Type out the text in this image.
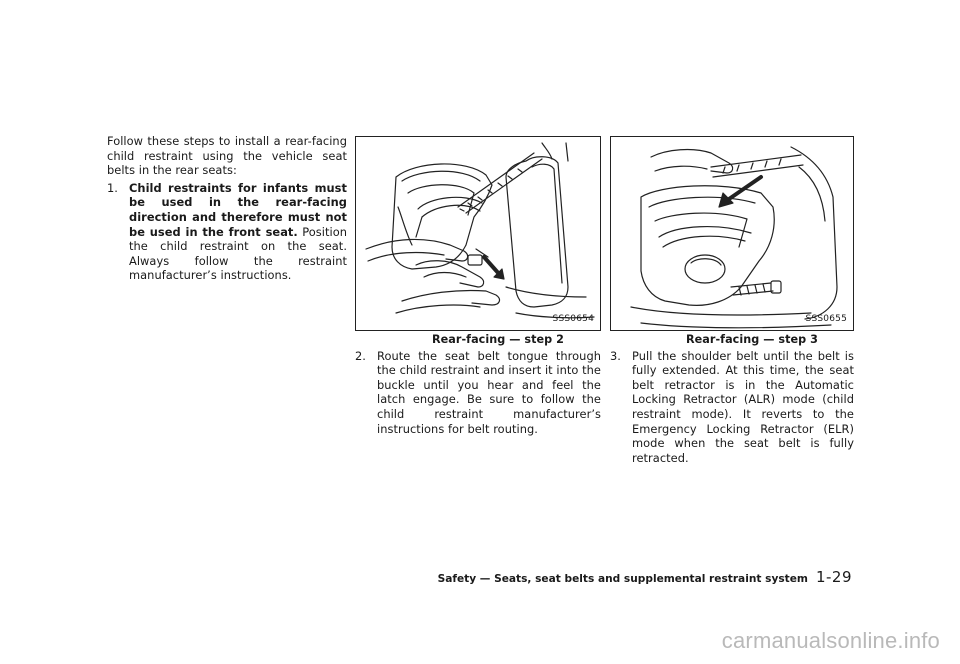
Follow these steps to install a rear-facing child restraint using the vehicle seat belts in the rear seats:

1. Child restraints for infants must be used in the rear-facing direction and therefore must not be used in the front seat. Position the child restraint on the seat. Always follow the restraint manufacturer’s instructions.
SSS0654
Rear-facing — step 2
2. Route the seat belt tongue through the child restraint and insert it into the buckle until you hear and feel the latch engage. Be sure to follow the child restraint manufacturer’s instructions for belt routing.
SSS0655
Rear-facing — step 3
3. Pull the shoulder belt until the belt is fully extended. At this time, the seat belt retractor is in the Automatic Locking Retractor (ALR) mode (child restraint mode). It reverts to the Emergency Locking Retractor (ELR) mode when the seat belt is fully retracted.
Safety — Seats, seat belts and supplemental restraint system 1-29
carmanualsonline.info
